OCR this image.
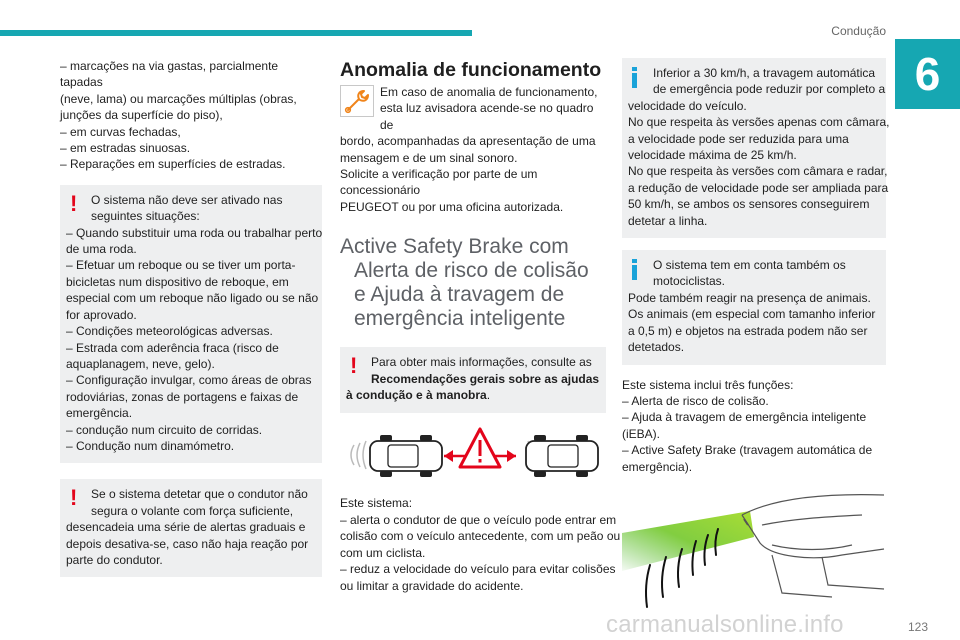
Condução
6
– marcações na via gastas, parcialmente tapadas
(neve, lama) ou marcações múltiplas (obras,
junções da superfície do piso),
– em curvas fechadas,
– em estradas sinuosas.
– Reparações em superfícies de estradas.
!	O sistema não deve ser ativado nas
seguintes situações:
– Quando substituir uma roda ou trabalhar perto
de uma roda.
– Efetuar um reboque ou se tiver um porta-
bicicletas num dispositivo de reboque, em
especial com um reboque não ligado ou se não
for aprovado.
– Condições meteorológicas adversas.
– Estrada com aderência fraca (risco de
aquaplanagem, neve, gelo).
– Configuração invulgar, como áreas de obras
rodoviárias, zonas de portagens e faixas de
emergência.
– condução num circuito de corridas.
– Condução num dinamómetro.
!	Se o sistema detetar que o condutor não
segura o volante com força suficiente,
desencadeia uma série de alertas graduais e
depois desativa-se, caso não haja reação por
parte do condutor.
Anomalia de funcionamento
Em caso de anomalia de funcionamento,
esta luz avisadora acende-se no quadro de
bordo, acompanhadas da apresentação de uma
mensagem e de um sinal sonoro.
Solicite a verificação por parte de um concessionário
PEUGEOT ou por uma oficina autorizada.
Active Safety Brake com
Alerta de risco de colisão
e Ajuda à travagem de
emergência inteligente
!	Para obter mais informações, consulte as
Recomendações gerais sobre as ajudas
à condução e à manobra.
Este sistema:
– alerta o condutor de que o veículo pode entrar em
colisão com o veículo antecedente, com um peão ou
com um ciclista.
– reduz a velocidade do veículo para evitar colisões
ou limitar a gravidade do acidente.
Inferior a 30 km/h, a travagem automática
de emergência pode reduzir por completo a
velocidade do veículo.
No que respeita às versões apenas com câmara,
a velocidade pode ser reduzida para uma
velocidade máxima de 25 km/h.
No que respeita às versões com câmara e radar,
a redução de velocidade pode ser ampliada para
50 km/h, se ambos os sensores conseguirem
detetar a linha.
O sistema tem em conta também os
motociclistas.
Pode também reagir na presença de animais.
Os animais (em especial com tamanho inferior
a 0,5 m) e objetos na estrada podem não ser
detetados.
Este sistema inclui três funções:
– Alerta de risco de colisão.
– Ajuda à travagem de emergência inteligente
(iEBA).
– Active Safety Brake (travagem automática de
emergência).
123
carmanualsonline.info
